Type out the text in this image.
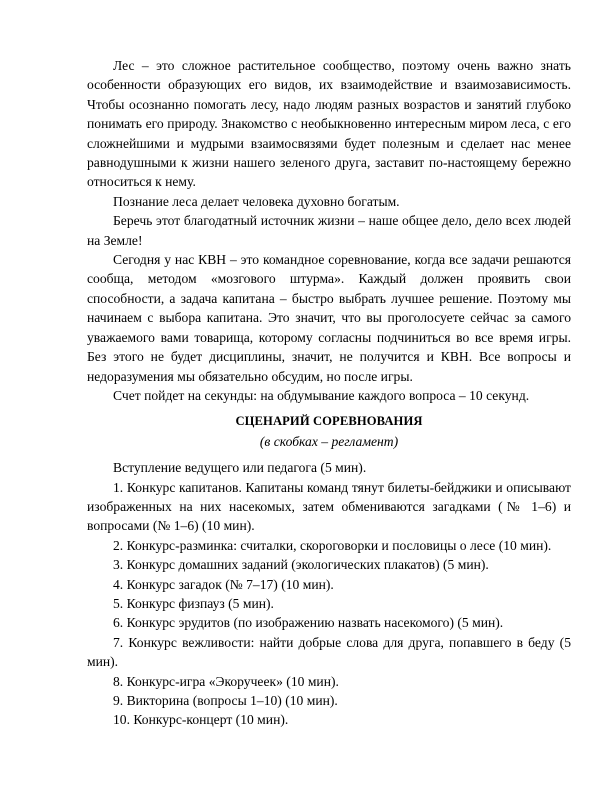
Лес – это сложное растительное сообщество, поэтому очень важно знать особенности образующих его видов, их взаимодействие и взаимозависимость. Чтобы осознанно помогать лесу, надо людям разных возрастов и занятий глубоко понимать его природу. Знакомство с необыкновенно интересным миром леса, с его сложнейшими и мудрыми взаимосвязями будет полезным и сделает нас менее равнодушными к жизни нашего зеленого друга, заставит по-настоящему бережно относиться к нему.

Познание леса делает человека духовно богатым.

Беречь этот благодатный источник жизни – наше общее дело, дело всех людей на Земле!

Сегодня у нас КВН – это командное соревнование, когда все задачи решаются сообща, методом «мозгового штурма». Каждый должен проявить свои способности, а задача капитана – быстро выбрать лучшее решение. Поэтому мы начинаем с выбора капитана. Это значит, что вы проголосуете сейчас за самого уважаемого вами товарища, которому согласны подчиниться во все время игры. Без этого не будет дисциплины, значит, не получится и КВН. Все вопросы и недоразумения мы обязательно обсудим, но после игры.

Счет пойдет на секунды: на обдумывание каждого вопроса – 10 секунд.

СЦЕНАРИЙ СОРЕВНОВАНИЯ

(в скобках – регламент)

Вступление ведущего или педагога (5 мин).

1. Конкурс капитанов. Капитаны команд тянут билеты-бейджики и описывают изображенных на них насекомых, затем обмениваются загадками (№ 1–6) и вопросами (№ 1–6) (10 мин).

2. Конкурс-разминка: считалки, скороговорки и пословицы о лесе (10 мин).

3. Конкурс домашних заданий (экологических плакатов) (5 мин).

4. Конкурс загадок (№ 7–17) (10 мин).

5. Конкурс физпауз (5 мин).

6. Конкурс эрудитов (по изображению назвать насекомого) (5 мин).

7. Конкурс вежливости: найти добрые слова для друга, попавшего в беду (5 мин).

8. Конкурс-игра «Экоручеек» (10 мин).

9. Викторина (вопросы 1–10) (10 мин).

10. Конкурс-концерт (10 мин).
